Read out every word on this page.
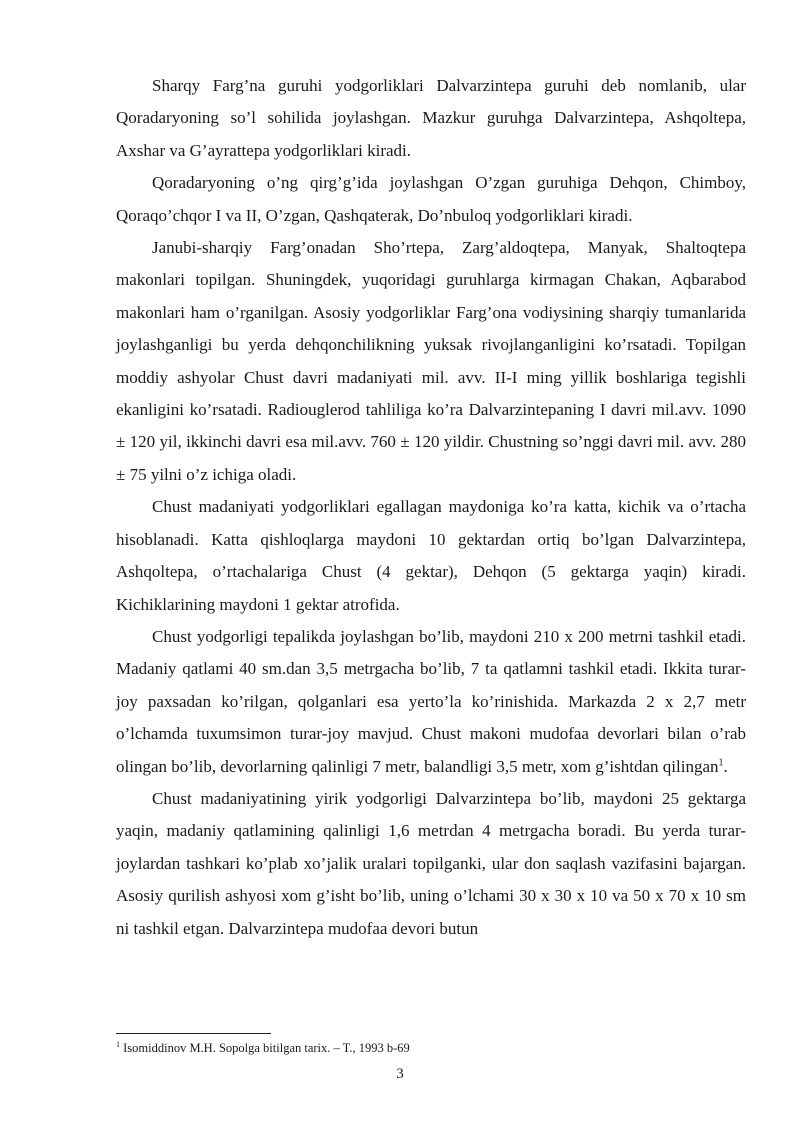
Sharqy Farg’na guruhi yodgorliklari Dalvarzintepa guruhi deb nomlanib, ular Qoradaryoning so’l sohilida joylashgan. Mazkur guruhga Dalvarzintepa, Ashqoltepa, Axshar va G’ayrattepa yodgorliklari kiradi.

Qoradaryoning o’ng qirg’g’ida joylashgan O’zgan guruhiga Dehqon, Chimboy, Qoraqo’chqor I va II, O’zgan, Qashqaterak, Do’nbuloq yodgorliklari kiradi.

Janubi-sharqiy Farg’onadan Sho’rtepa, Zarg’aldoqtepa, Manyak, Shaltoqtepa makonlari topilgan. Shuningdek, yuqoridagi guruhlarga kirmagan Chakan, Aqbarabod makonlari ham o’rganilgan. Asosiy yodgorliklar Farg’ona vodiysining sharqiy tumanlarida joylashganligi bu yerda dehqonchilikning yuksak rivojlanganligini ko’rsatadi. Topilgan moddiy ashyolar Chust davri madaniyati mil. avv. II-I ming yillik boshlariga tegishli ekanligini ko’rsatadi. Radiouglerod tahliliga ko’ra Dalvarzintepaning I davri mil.avv. 1090 ± 120 yil, ikkinchi davri esa mil.avv. 760 ± 120 yildir. Chustning so’nggi davri mil. avv. 280 ± 75 yilni o’z ichiga oladi.

Chust madaniyati yodgorliklari egallagan maydoniga ko’ra katta, kichik va o’rtacha hisoblanadi. Katta qishloqlarga maydoni 10 gektardan ortiq bo’lgan Dalvarzintepa, Ashqoltepa, o’rtachalariga Chust (4 gektar), Dehqon (5 gektarga yaqin) kiradi. Kichiklarining maydoni 1 gektar atrofida.

Chust yodgorligi tepalikda joylashgan bo’lib, maydoni 210 x 200 metrni tashkil etadi. Madaniy qatlami 40 sm.dan 3,5 metrgacha bo’lib, 7 ta qatlamni tashkil etadi. Ikkita turar-joy paxsadan ko’rilgan, qolganlari esa yerto’la ko’rinishida. Markazda 2 x 2,7 metr o’lchamda tuxumsimon turar-joy mavjud. Chust makoni mudofaa devorlari bilan o’rab olingan bo’lib, devorlarning qalinligi 7 metr, balandligi 3,5 metr, xom g’ishtdan qilingan$^1$.

Chust madaniyatining yirik yodgorligi Dalvarzintepa bo’lib, maydoni 25 gektarga yaqin, madaniy qatlamining qalinligi 1,6 metrdan 4 metrgacha boradi. Bu yerda turar-joylardan tashkari ko’plab xo’jalik uralari topilganki, ular don saqlash vazifasini bajargan. Asosiy qurilish ashyosi xom g’isht bo’lib, uning o’lchami 30 x 30 x 10 va 50 x 70 x 10 sm ni tashkil etgan. Dalvarzintepa mudofaa devori butun

$^1$ Isomiddinov M.H. Sopolga bitilgan tarix. – T., 1993 b-69
3
